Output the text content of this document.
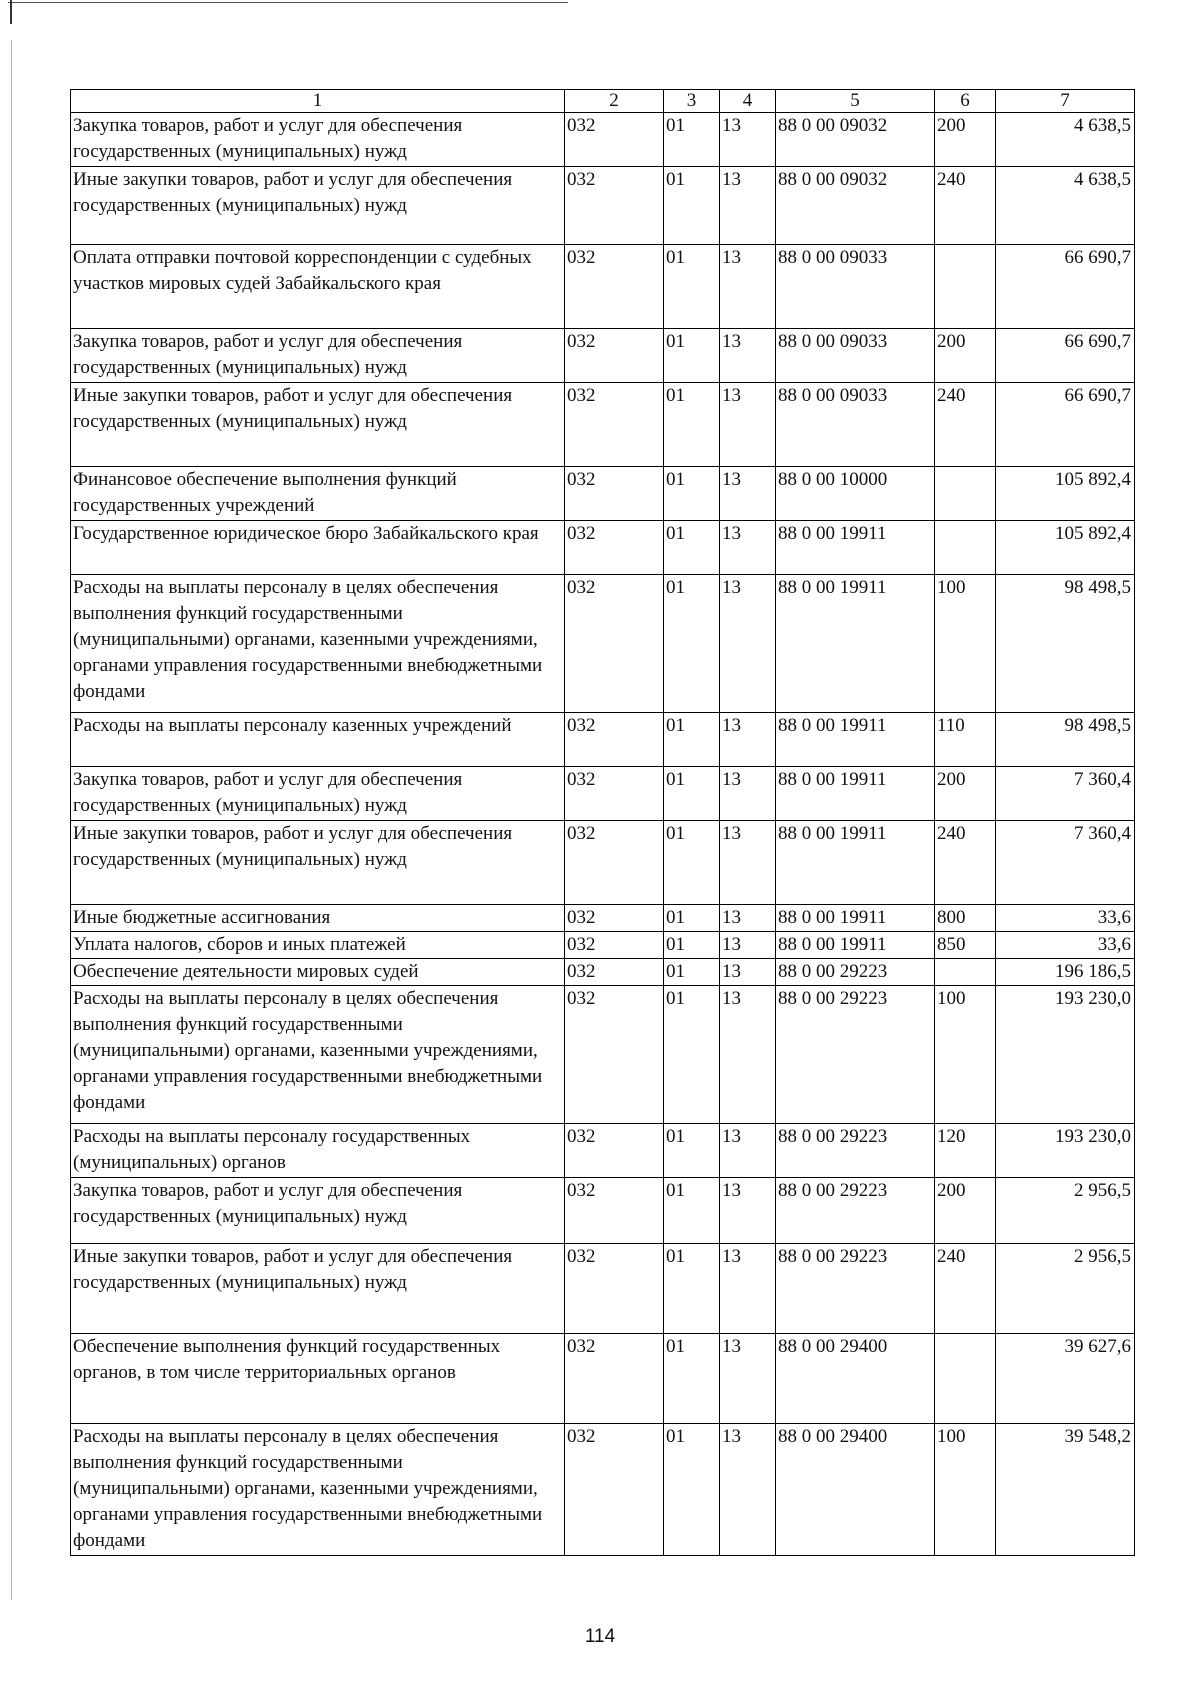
1	2	3	4	5	6	7
Закупка товаров, работ и услуг для обеспечения государственных (муниципальных) нужд	032	01	13	88 0 00 09032	200	4 638,5
Иные закупки товаров, работ и услуг для обеспечения государственных (муниципальных) нужд	032	01	13	88 0 00 09032	240	4 638,5
Оплата отправки почтовой корреспонденции с судебных участков мировых судей Забайкальского края	032	01	13	88 0 00 09033		66 690,7
Закупка товаров, работ и услуг для обеспечения государственных (муниципальных) нужд	032	01	13	88 0 00 09033	200	66 690,7
Иные закупки товаров, работ и услуг для обеспечения государственных (муниципальных) нужд	032	01	13	88 0 00 09033	240	66 690,7
Финансовое обеспечение выполнения функций государственных учреждений	032	01	13	88 0 00 10000		105 892,4
Государственное юридическое бюро Забайкальского края	032	01	13	88 0 00 19911		105 892,4
Расходы на выплаты персоналу в целях обеспечения выполнения функций государственными (муниципальными) органами, казенными учреждениями, органами управления государственными внебюджетными фондами	032	01	13	88 0 00 19911	100	98 498,5
Расходы на выплаты персоналу казенных учреждений	032	01	13	88 0 00 19911	110	98 498,5
Закупка товаров, работ и услуг для обеспечения государственных (муниципальных) нужд	032	01	13	88 0 00 19911	200	7 360,4
Иные закупки товаров, работ и услуг для обеспечения государственных (муниципальных) нужд	032	01	13	88 0 00 19911	240	7 360,4
Иные бюджетные ассигнования	032	01	13	88 0 00 19911	800	33,6
Уплата налогов, сборов и иных платежей	032	01	13	88 0 00 19911	850	33,6
Обеспечение деятельности мировых судей	032	01	13	88 0 00 29223		196 186,5
Расходы на выплаты персоналу в целях обеспечения выполнения функций государственными (муниципальными) органами, казенными учреждениями, органами управления государственными внебюджетными фондами	032	01	13	88 0 00 29223	100	193 230,0
Расходы на выплаты персоналу государственных (муниципальных) органов	032	01	13	88 0 00 29223	120	193 230,0
Закупка товаров, работ и услуг для обеспечения государственных (муниципальных) нужд	032	01	13	88 0 00 29223	200	2 956,5
Иные закупки товаров, работ и услуг для обеспечения государственных (муниципальных) нужд	032	01	13	88 0 00 29223	240	2 956,5
Обеспечение выполнения функций государственных органов, в том числе территориальных органов	032	01	13	88 0 00 29400		39 627,6
Расходы на выплаты персоналу в целях обеспечения выполнения функций государственными (муниципальными) органами, казенными учреждениями, органами управления государственными внебюджетными фондами	032	01	13	88 0 00 29400	100	39 548,2
114
